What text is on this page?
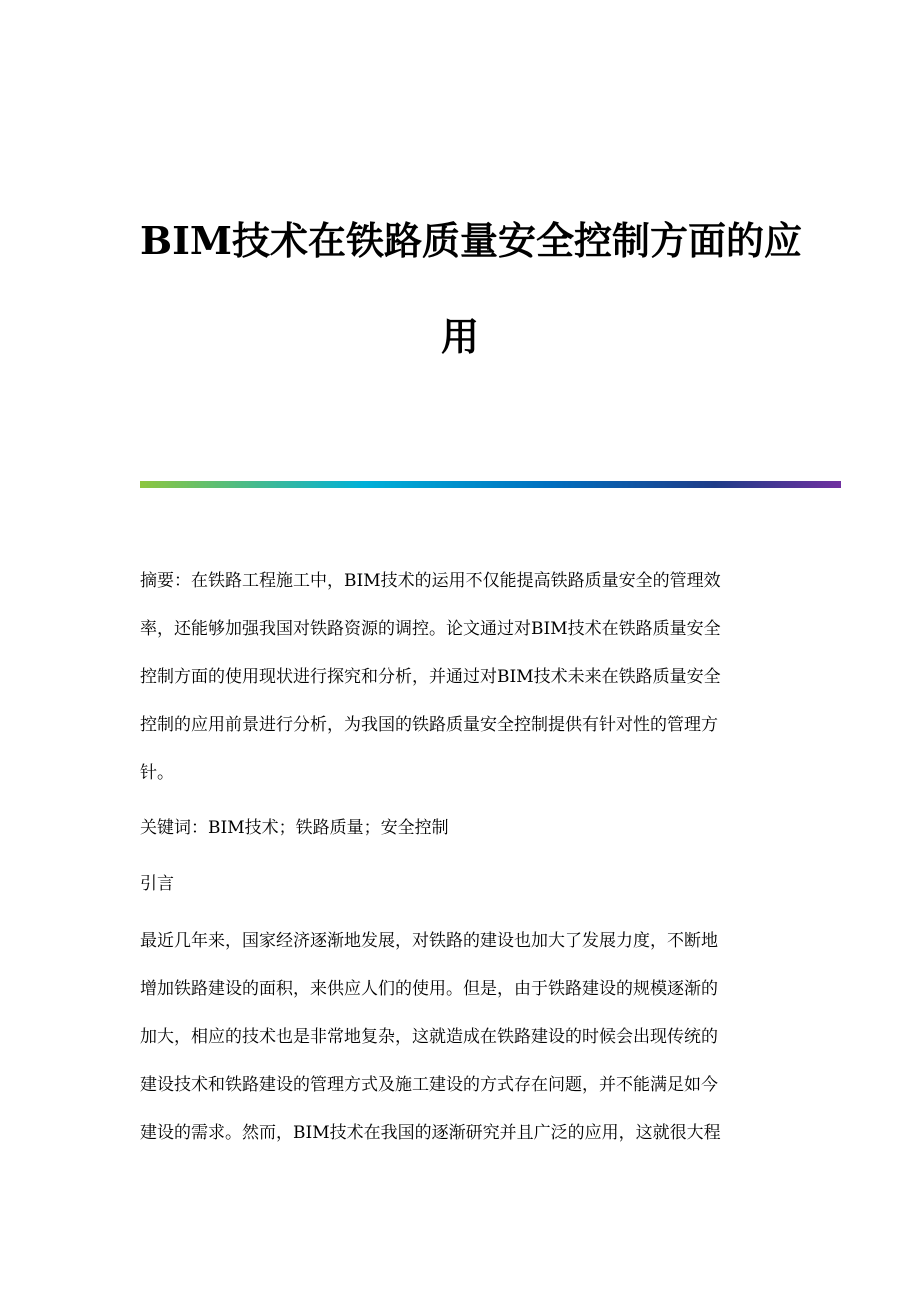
BIM技术在铁路质量安全控制方面的应
用
摘要：在铁路工程施工中，BIM技术的运用不仅能提高铁路质量安全的管理效
率，还能够加强我国对铁路资源的调控。论文通过对BIM技术在铁路质量安全
控制方面的使用现状进行探究和分析，并通过对BIM技术未来在铁路质量安全
控制的应用前景进行分析，为我国的铁路质量安全控制提供有针对性的管理方
针。
关键词：BIM技术；铁路质量；安全控制
引言
最近几年来，国家经济逐渐地发展，对铁路的建设也加大了发展力度，不断地
增加铁路建设的面积，来供应人们的使用。但是，由于铁路建设的规模逐渐的
加大，相应的技术也是非常地复杂，这就造成在铁路建设的时候会出现传统的
建设技术和铁路建设的管理方式及施工建设的方式存在问题，并不能满足如今
建设的需求。然而，BIM技术在我国的逐渐研究并且广泛的应用，这就很大程
